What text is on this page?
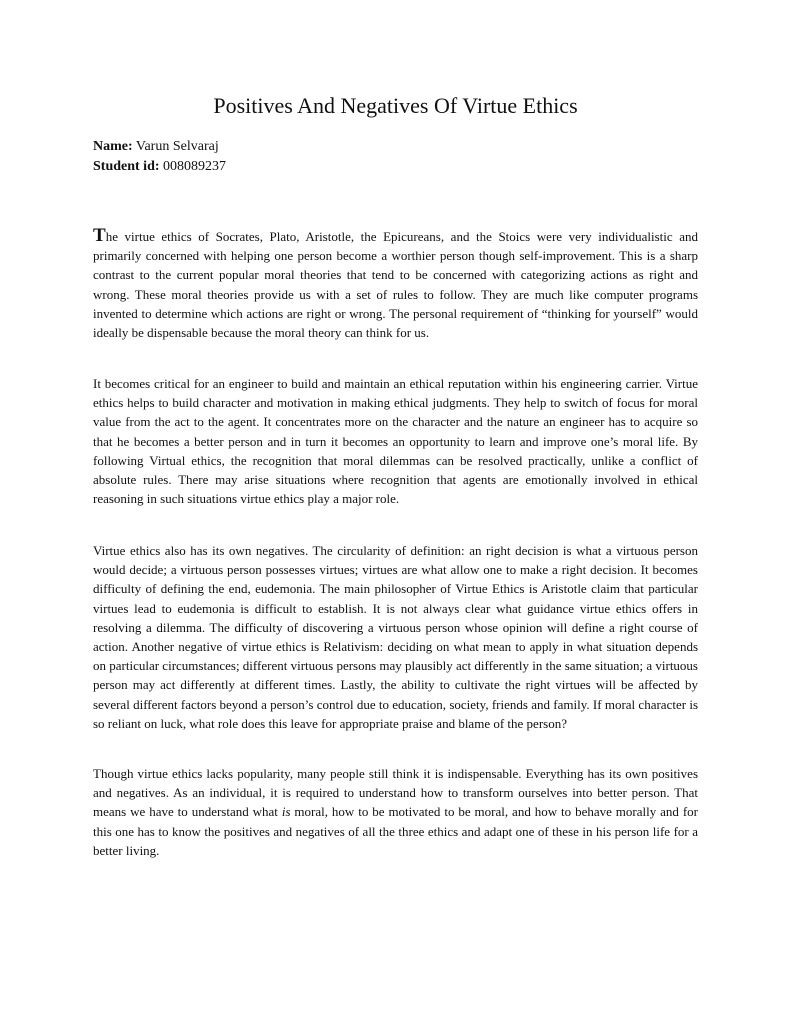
Positives And Negatives Of Virtue Ethics
Name: Varun Selvaraj
Student id: 008089237

The virtue ethics of Socrates, Plato, Aristotle, the Epicureans, and the Stoics were very individualistic and primarily concerned with helping one person become a worthier person though self-improvement. This is a sharp contrast to the current popular moral theories that tend to be concerned with categorizing actions as right and wrong. These moral theories provide us with a set of rules to follow. They are much like computer programs invented to determine which actions are right or wrong. The personal requirement of “thinking for yourself” would ideally be dispensable because the moral theory can think for us.

It becomes critical for an engineer to build and maintain an ethical reputation within his engineering carrier. Virtue ethics helps to build character and motivation in making ethical judgments. They help to switch of focus for moral value from the act to the agent. It concentrates more on the character and the nature an engineer has to acquire so that he becomes a better person and in turn it becomes an opportunity to learn and improve one’s moral life. By following Virtual ethics, the recognition that moral dilemmas can be resolved practically, unlike a conflict of absolute rules. There may arise situations where recognition that agents are emotionally involved in ethical reasoning in such situations virtue ethics play a major role.

Virtue ethics also has its own negatives. The circularity of definition: an right decision is what a virtuous person would decide; a virtuous person possesses virtues; virtues are what allow one to make a right decision. It becomes difficulty of defining the end, eudemonia. The main philosopher of Virtue Ethics is Aristotle claim that particular virtues lead to eudemonia is difficult to establish. It is not always clear what guidance virtue ethics offers in resolving a dilemma. The difficulty of discovering a virtuous person whose opinion will define a right course of action. Another negative of virtue ethics is Relativism: deciding on what mean to apply in what situation depends on particular circumstances; different virtuous persons may plausibly act differently in the same situation; a virtuous person may act differently at different times. Lastly, the ability to cultivate the right virtues will be affected by several different factors beyond a person’s control due to education, society, friends and family. If moral character is so reliant on luck, what role does this leave for appropriate praise and blame of the person?

Though virtue ethics lacks popularity, many people still think it is indispensable. Everything has its own positives and negatives. As an individual, it is required to understand how to transform ourselves into better person. That means we have to understand what is moral, how to be motivated to be moral, and how to behave morally and for this one has to know the positives and negatives of all the three ethics and adapt one of these in his person life for a better living.
